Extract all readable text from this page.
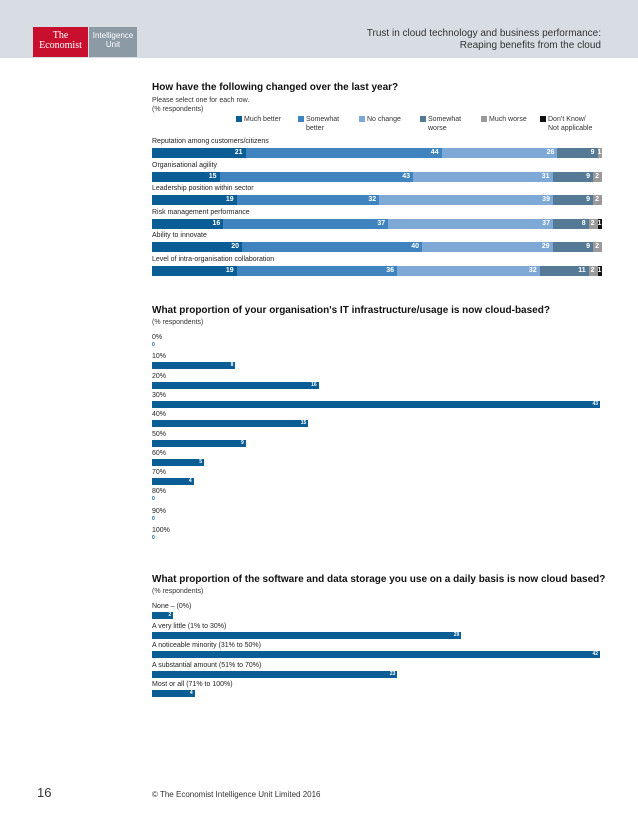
The
Economist
Intelligence
Unit
Trust in cloud technology and business performance:
Reaping benefits from the cloud
How have the following changed over the last year?
Please select one for each row.
(% respondents)
Much better	Somewhat
better
No change	Somewhat
worse
Much worse	Don’t Know/
Not applicable
Reputation among customers/citizens
21	44	26	9 1
Organisational agility
15	43	31	9 2
Leadership position within sector
19	32	39	9 2
Risk management performance
16	37	37	8 2 1
Ability to innovate
20	40	29	9 2
Level of intra-organisation collaboration
19	36	32	11 2 1
What proportion of your organisation's IT infrastructure/usage is now cloud-based?
(% respondents)
0%
0
10%
8
20%
16
30%
43
40%
15
50%
9
60%
5
70%
4
80%
0
90%
0
100%
0
What proportion of the software and data storage you use on a daily basis is now cloud based?
(% respondents)
None – (0%)
2
A very little (1% to 30%)
29
A noticeable minority (31% to 50%)
42
A substantial amount (51% to 70%)
23
Most or all (71% to 100%)
4
16	© The Economist Intelligence Unit Limited 2016
